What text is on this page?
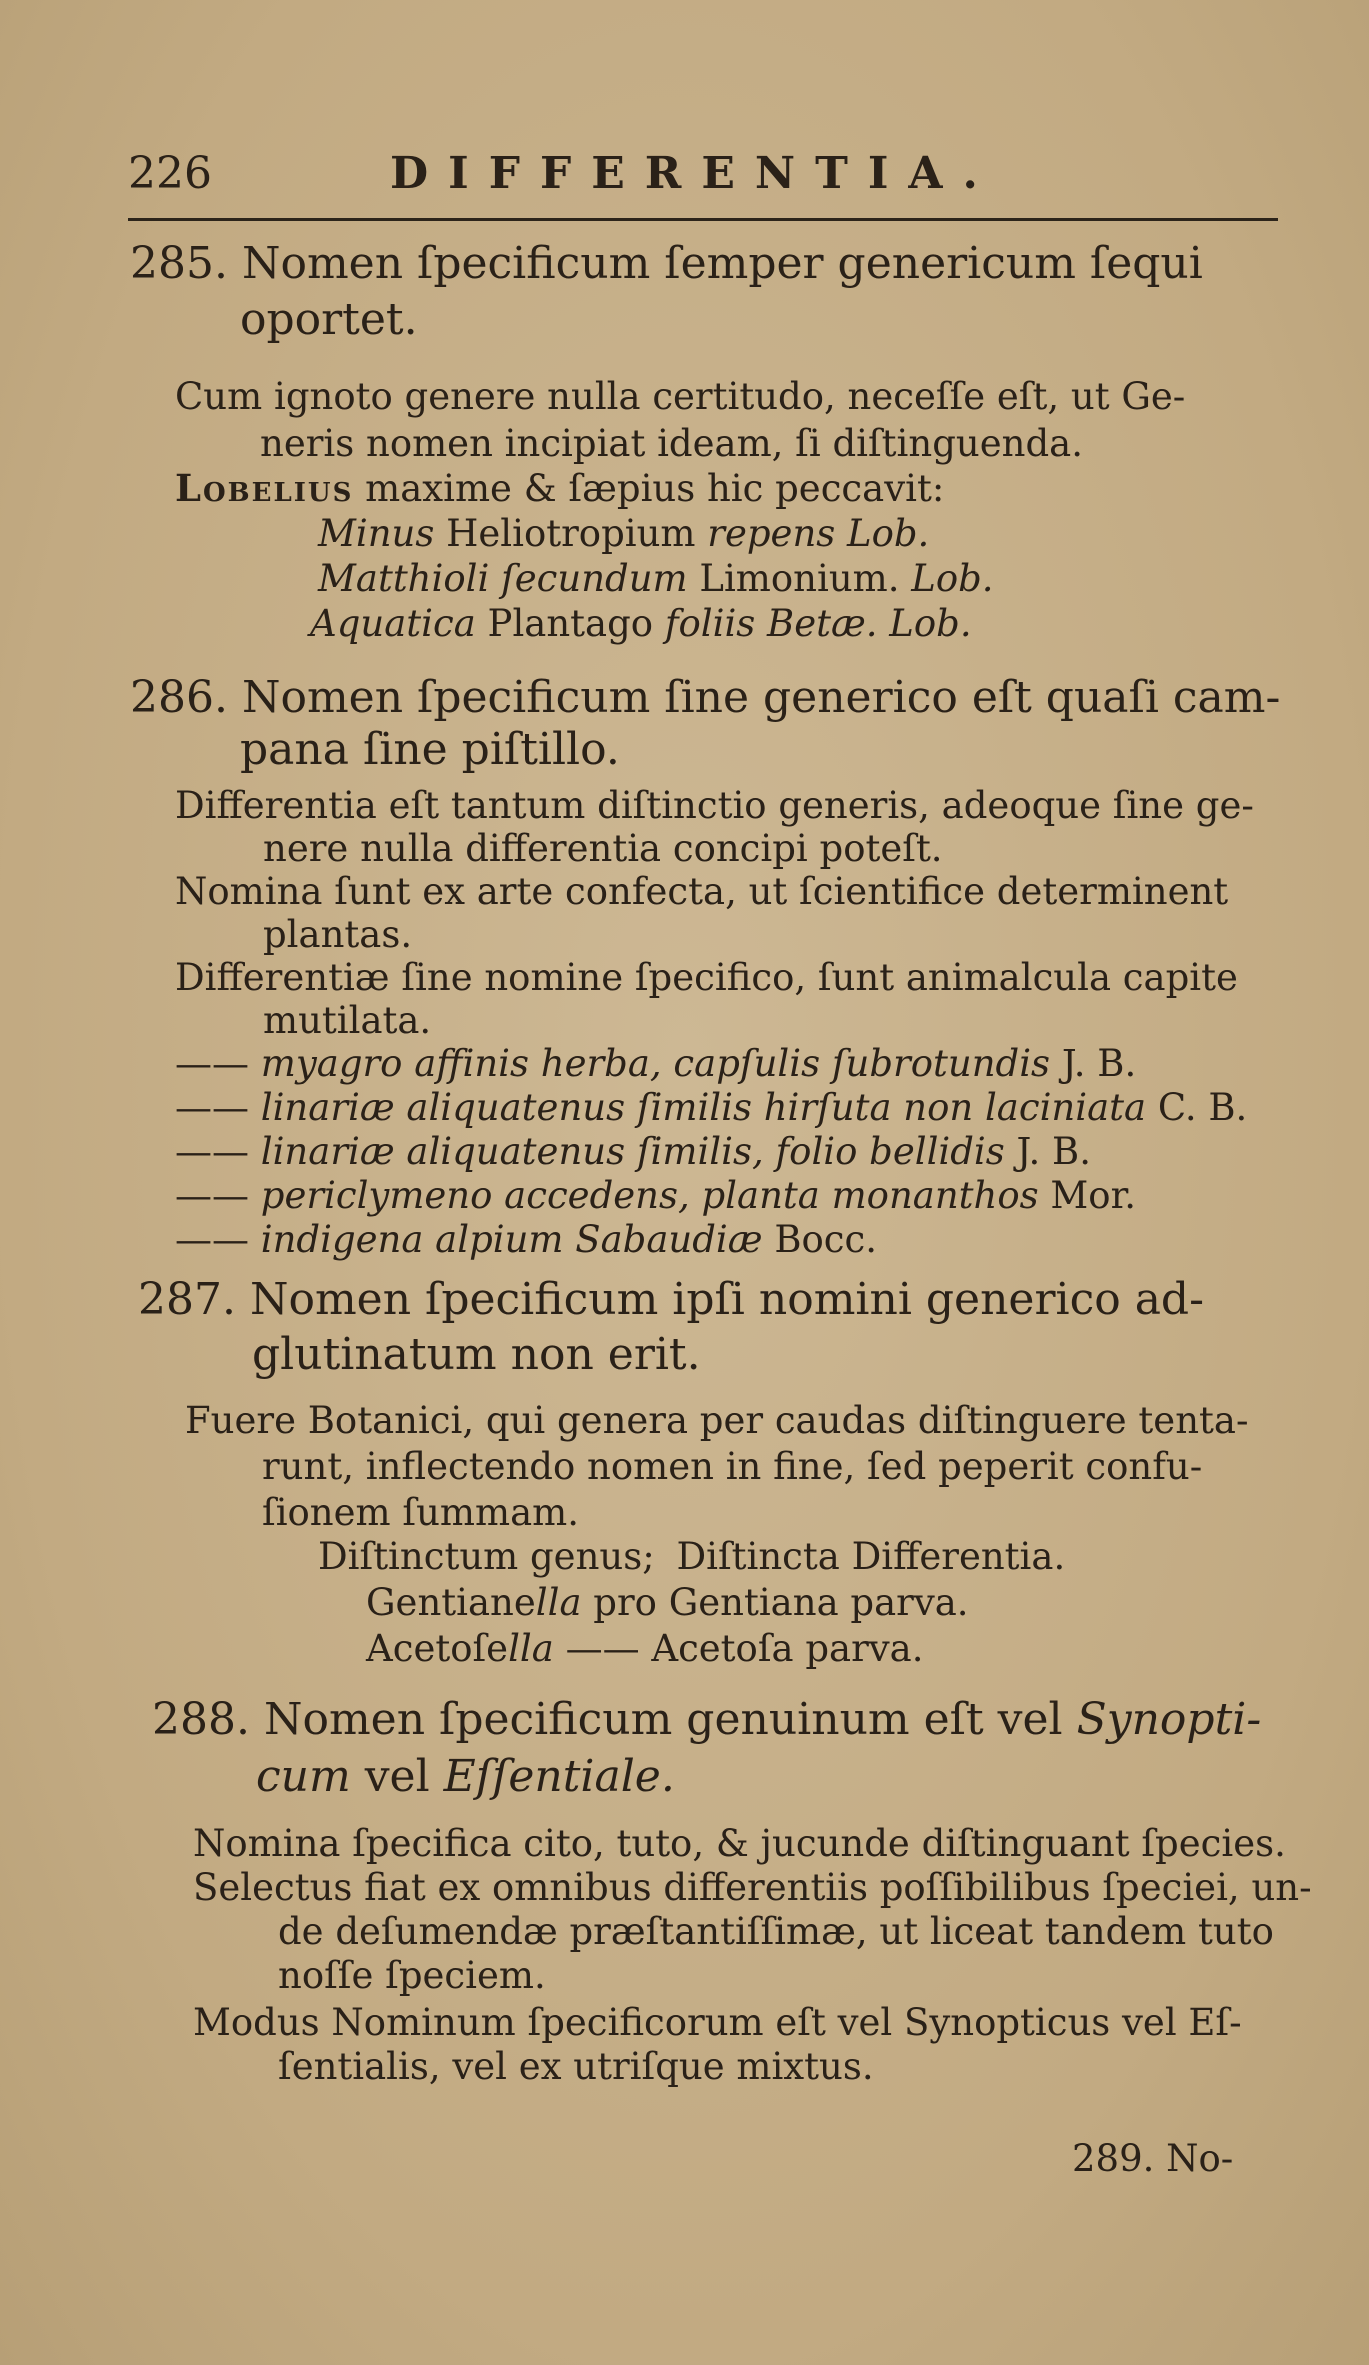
226	DIFFERENTIA.
285. Nomen ſpecificum ſemper genericum ſequi
oportet.
Cum ignoto genere nulla certitudo, neceſſe eſt, ut Ge-
neris nomen incipiat ideam, ſi diſtinguenda.
Lobelius maxime & ſæpius hic peccavit:
Minus Heliotropium repens Lob.
Matthioli ſecundum Limonium. Lob.
Aquatica Plantago foliis Betæ. Lob.
286. Nomen ſpecificum ſine generico eſt quaſi cam-
pana ſine piſtillo.
Differentia eſt tantum diſtinctio generis, adeoque ſine ge-
nere nulla differentia concipi poteſt.
Nomina ſunt ex arte confecta, ut ſcientifice determinent
plantas.
Differentiæ ſine nomine ſpecifico, ſunt animalcula capite
mutilata.
—— myagro affinis herba, capſulis ſubrotundis J. B.
—— linariæ aliquatenus ſimilis hirſuta non laciniata C. B.
—— linariæ aliquatenus ſimilis, folio bellidis J. B.
—— periclymeno accedens, planta monanthos Mor.
—— indigena alpium Sabaudiæ Bocc.
287. Nomen ſpecificum ipſi nomini generico ad-
glutinatum non erit.
Fuere Botanici, qui genera per caudas diſtinguere tenta-
runt, inflectendo nomen in fine, ſed peperit confu-
ſionem ſummam.
Diſtinctum genus; Diſtincta Differentia.
Gentianella pro Gentiana parva.
Acetoſella —— Acetoſa parva.
288. Nomen ſpecificum genuinum eſt vel Synopti-
cum vel Eſſentiale.
Nomina ſpecifica cito, tuto, & jucunde diſtinguant ſpecies.
Selectus fiat ex omnibus differentiis poſſibilibus ſpeciei, un-
de deſumendæ præſtantiſſimæ, ut liceat tandem tuto
noſſe ſpeciem.
Modus Nominum ſpecificorum eſt vel Synopticus vel Eſ-
ſentialis, vel ex utriſque mixtus.
289. No-
